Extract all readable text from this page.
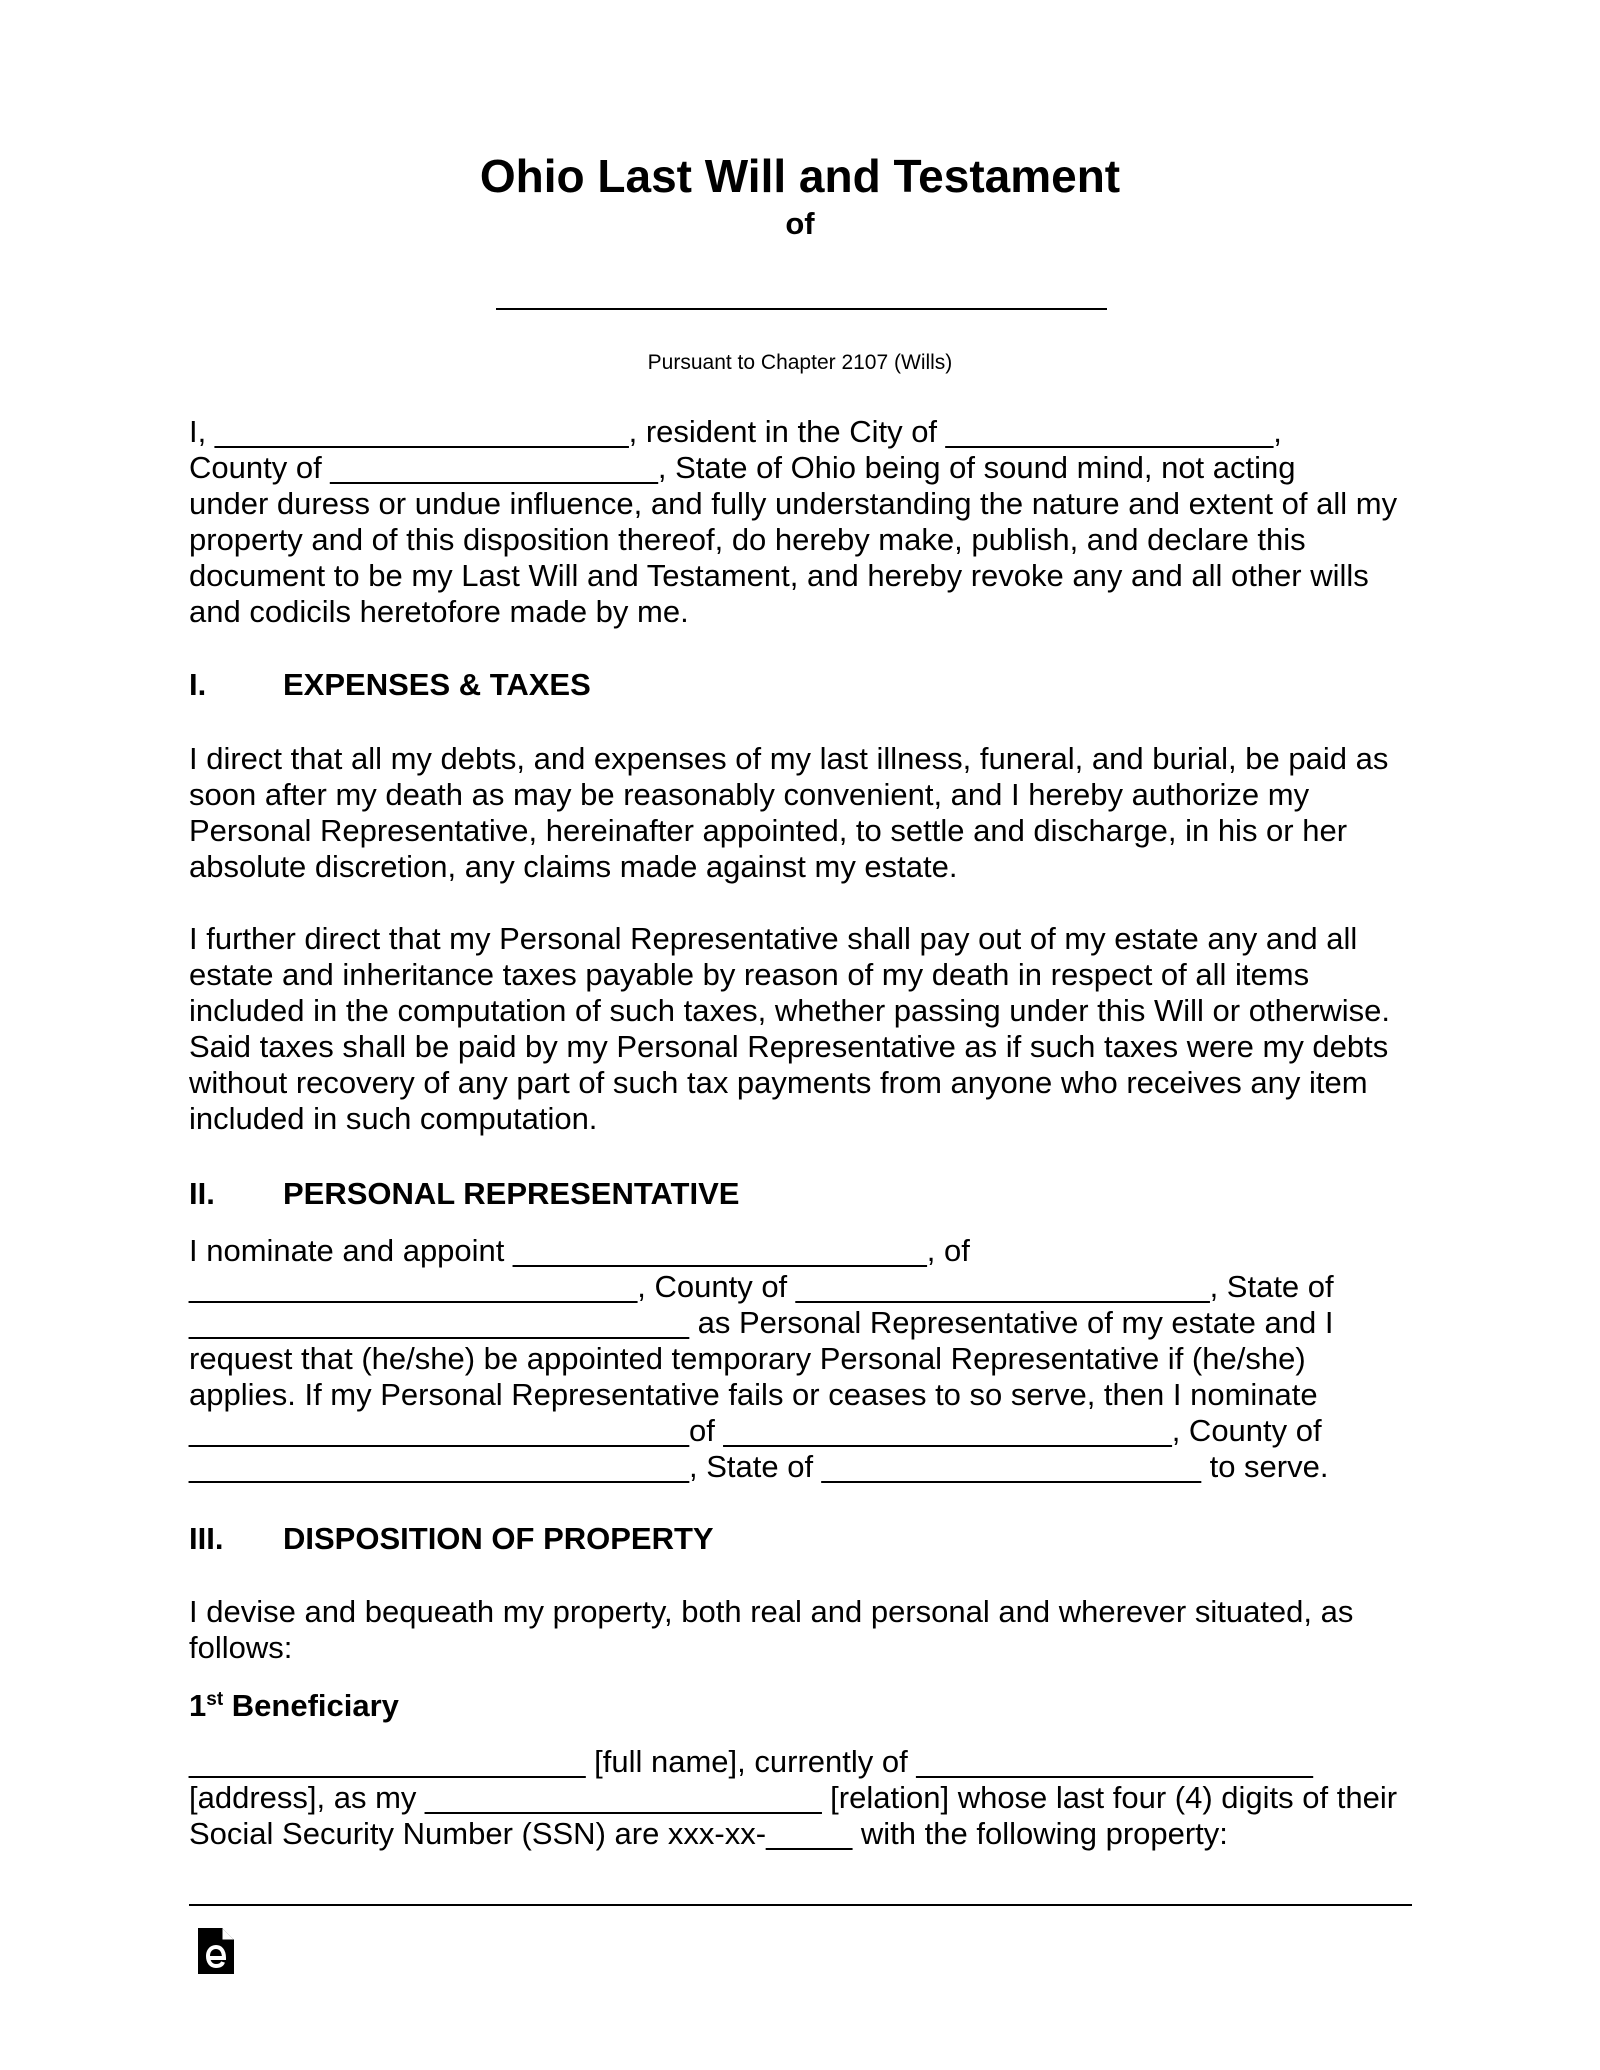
Ohio Last Will and Testament
of
Pursuant to Chapter 2107 (Wills)
I, ________________________, resident in the City of ___________________,
County of ___________________, State of Ohio being of sound mind, not acting
under duress or undue influence, and fully understanding the nature and extent of all my
property and of this disposition thereof, do hereby make, publish, and declare this
document to be my Last Will and Testament, and hereby revoke any and all other wills
and codicils heretofore made by me.
I. EXPENSES & TAXES
I direct that all my debts, and expenses of my last illness, funeral, and burial, be paid as
soon after my death as may be reasonably convenient, and I hereby authorize my
Personal Representative, hereinafter appointed, to settle and discharge, in his or her
absolute discretion, any claims made against my estate.
I further direct that my Personal Representative shall pay out of my estate any and all
estate and inheritance taxes payable by reason of my death in respect of all items
included in the computation of such taxes, whether passing under this Will or otherwise.
Said taxes shall be paid by my Personal Representative as if such taxes were my debts
without recovery of any part of such tax payments from anyone who receives any item
included in such computation.
II. PERSONAL REPRESENTATIVE
I nominate and appoint ________________________, of
__________________________, County of ________________________, State of
_____________________________ as Personal Representative of my estate and I
request that (he/she) be appointed temporary Personal Representative if (he/she)
applies. If my Personal Representative fails or ceases to so serve, then I nominate
_____________________________of __________________________, County of
_____________________________, State of ______________________ to serve.
III. DISPOSITION OF PROPERTY
I devise and bequeath my property, both real and personal and wherever situated, as
follows:
1st Beneficiary
_______________________ [full name], currently of _______________________
[address], as my _______________________ [relation] whose last four (4) digits of their
Social Security Number (SSN) are xxx-xx-_____ with the following property:
